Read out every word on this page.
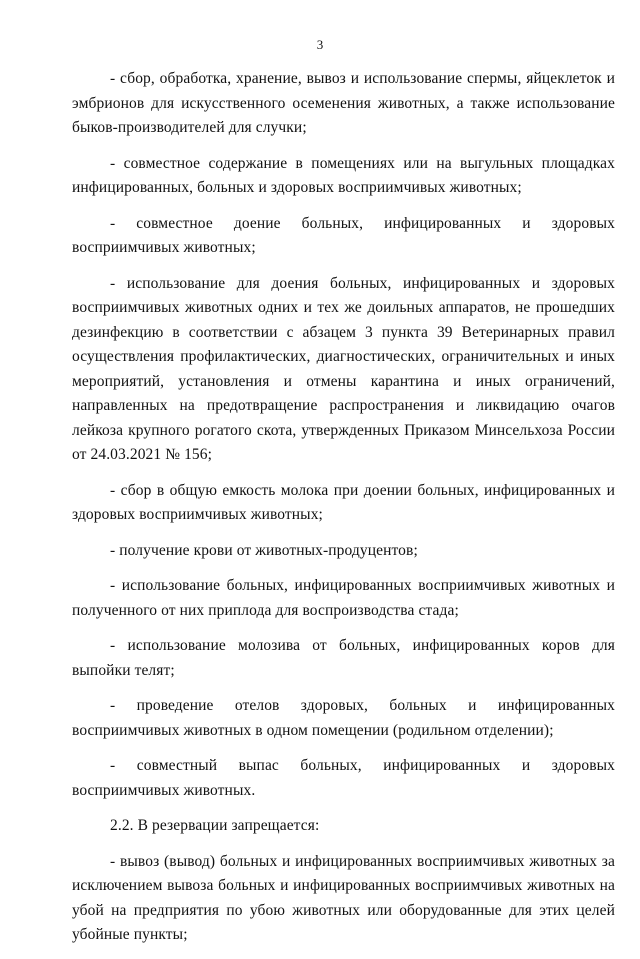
3

- сбор, обработка, хранение, вывоз и использование спермы, яйцеклеток и эмбрионов для искусственного осеменения животных, а также использование быков-производителей для случки;

- совместное содержание в помещениях или на выгульных площадках инфицированных, больных и здоровых восприимчивых животных;

- совместное доение больных, инфицированных и здоровых восприимчивых животных;

- использование для доения больных, инфицированных и здоровых восприимчивых животных одних и тех же доильных аппаратов, не прошедших дезинфекцию в соответствии с абзацем 3 пункта 39 Ветеринарных правил осуществления профилактических, диагностических, ограничительных и иных мероприятий, установления и отмены карантина и иных ограничений, направленных на предотвращение распространения и ликвидацию очагов лейкоза крупного рогатого скота, утвержденных Приказом Минсельхоза России от 24.03.2021 № 156;

- сбор в общую емкость молока при доении больных, инфицированных и здоровых восприимчивых животных;

- получение крови от животных-продуцентов;

- использование больных, инфицированных восприимчивых животных и полученного от них приплода для воспроизводства стада;

- использование молозива от больных, инфицированных коров для выпойки телят;

- проведение отелов здоровых, больных и инфицированных восприимчивых животных в одном помещении (родильном отделении);

- совместный выпас больных, инфицированных и здоровых восприимчивых животных.

2.2. В резервации запрещается:

- вывоз (вывод) больных и инфицированных восприимчивых животных за исключением вывоза больных и инфицированных восприимчивых животных на убой на предприятия по убою животных или оборудованные для этих целей убойные пункты;
